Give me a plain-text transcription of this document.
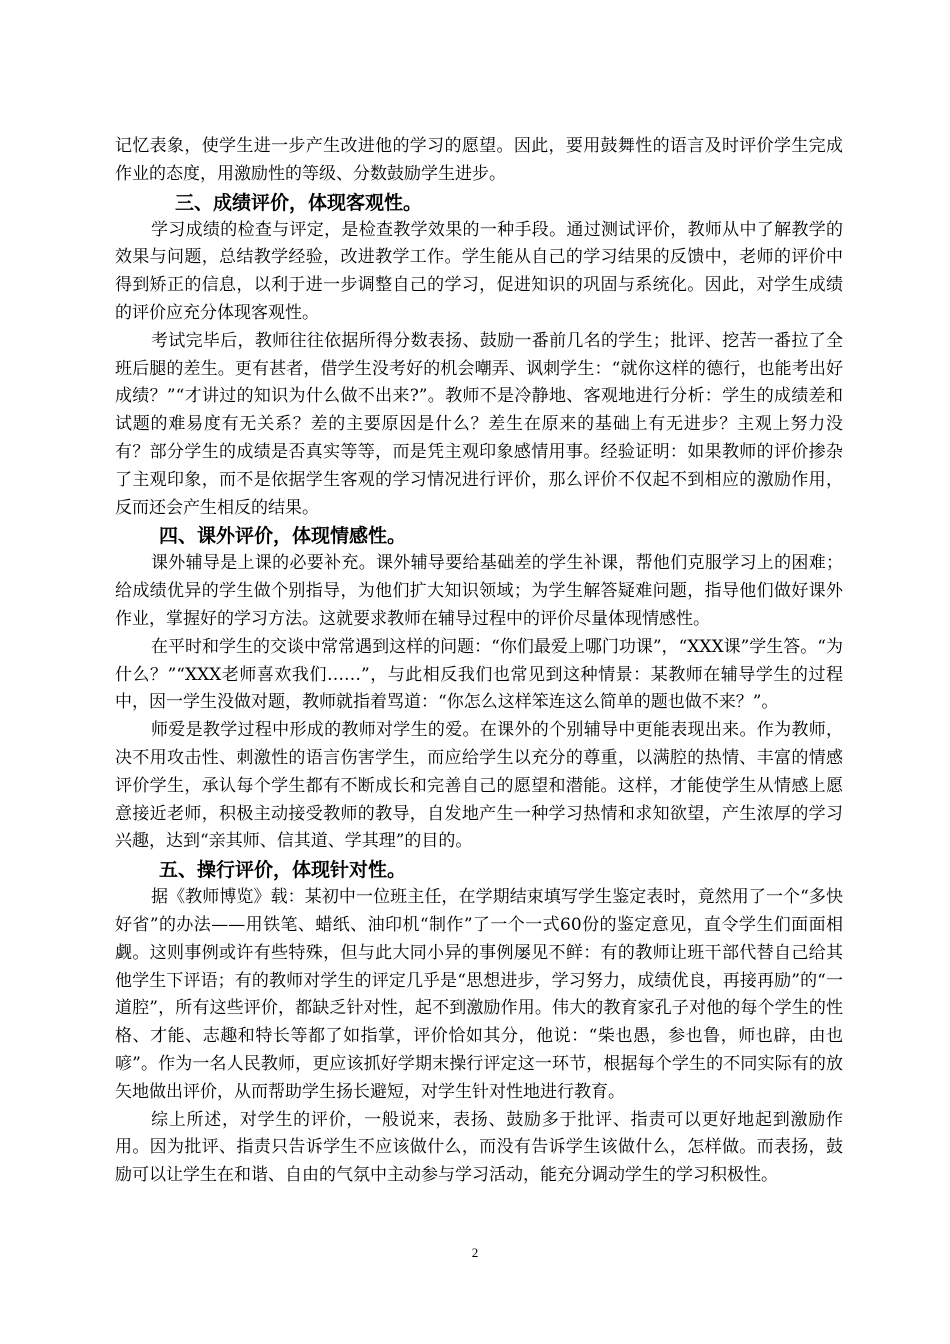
记忆表象，使学生进一步产生改进他的学习的愿望。因此，要用鼓舞性的语言及时评价学生完成作业的态度，用激励性的等级、分数鼓励学生进步。

三、成绩评价，体现客观性。

学习成绩的检查与评定，是检查教学效果的一种手段。通过测试评价，教师从中了解教学的效果与问题，总结教学经验，改进教学工作。学生能从自己的学习结果的反馈中，老师的评价中得到矫正的信息，以利于进一步调整自己的学习，促进知识的巩固与系统化。因此，对学生成绩的评价应充分体现客观性。

考试完毕后，教师往往依据所得分数表扬、鼓励一番前几名的学生；批评、挖苦一番拉了全班后腿的差生。更有甚者，借学生没考好的机会嘲弄、讽刺学生：“就你这样的德行，也能考出好成绩？”“才讲过的知识为什么做不出来?”。教师不是冷静地、客观地进行分析：学生的成绩差和试题的难易度有无关系？差的主要原因是什么？差生在原来的基础上有无进步？主观上努力没有？部分学生的成绩是否真实等等，而是凭主观印象感情用事。经验证明：如果教师的评价掺杂了主观印象，而不是依据学生客观的学习情况进行评价，那么评价不仅起不到相应的激励作用，反而还会产生相反的结果。

四、课外评价，体现情感性。

课外辅导是上课的必要补充。课外辅导要给基础差的学生补课，帮他们克服学习上的困难；给成绩优异的学生做个别指导，为他们扩大知识领域；为学生解答疑难问题，指导他们做好课外作业，掌握好的学习方法。这就要求教师在辅导过程中的评价尽量体现情感性。

在平时和学生的交谈中常常遇到这样的问题：“你们最爱上哪门功课”，“XXX课”学生答。“为什么？”“XXX老师喜欢我们……”，与此相反我们也常见到这种情景：某教师在辅导学生的过程中，因一学生没做对题，教师就指着骂道：“你怎么这样笨连这么简单的题也做不来？”。

师爱是教学过程中形成的教师对学生的爱。在课外的个别辅导中更能表现出来。作为教师，决不用攻击性、刺激性的语言伤害学生，而应给学生以充分的尊重，以满腔的热情、丰富的情感评价学生，承认每个学生都有不断成长和完善自己的愿望和潜能。这样，才能使学生从情感上愿意接近老师，积极主动接受教师的教导，自发地产生一种学习热情和求知欲望，产生浓厚的学习兴趣，达到“亲其师、信其道、学其理”的目的。

五、操行评价，体现针对性。

据《教师博览》载：某初中一位班主任，在学期结束填写学生鉴定表时，竟然用了一个“多快好省”的办法——用铁笔、蜡纸、油印机“制作”了一个一式60份的鉴定意见，直令学生们面面相觑。这则事例或许有些特殊，但与此大同小异的事例屡见不鲜：有的教师让班干部代替自己给其他学生下评语；有的教师对学生的评定几乎是“思想进步，学习努力，成绩优良，再接再励”的“一道腔”，所有这些评价，都缺乏针对性，起不到激励作用。伟大的教育家孔子对他的每个学生的性格、才能、志趣和特长等都了如指掌，评价恰如其分，他说：“柴也愚，参也鲁，师也辟，由也喭”。作为一名人民教师，更应该抓好学期末操行评定这一环节，根据每个学生的不同实际有的放矢地做出评价，从而帮助学生扬长避短，对学生针对性地进行教育。

综上所述，对学生的评价，一般说来，表扬、鼓励多于批评、指责可以更好地起到激励作用。因为批评、指责只告诉学生不应该做什么，而没有告诉学生该做什么，怎样做。而表扬，鼓励可以让学生在和谐、自由的气氛中主动参与学习活动，能充分调动学生的学习积极性。

2
